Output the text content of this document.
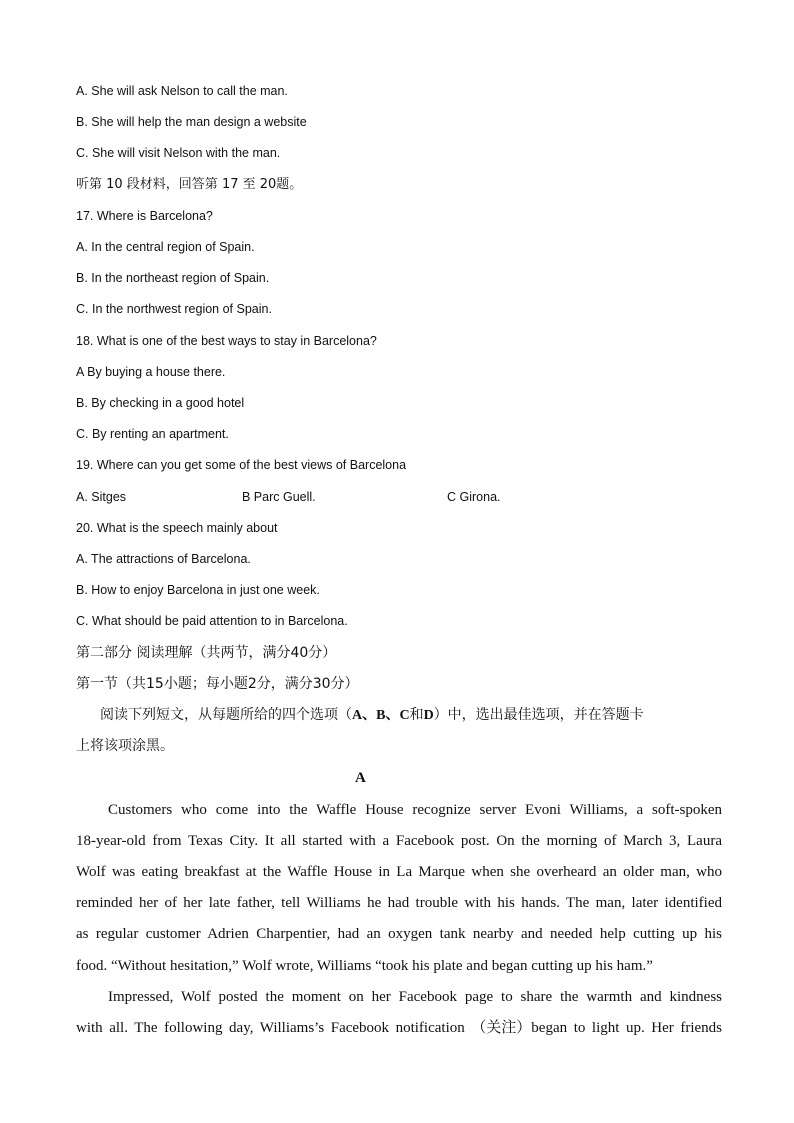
A. She will ask Nelson to call the man.
B. She will help the man design a website
C. She will visit Nelson with the man.
听第 10 段材料，回答第 17 至 20题。
17. Where is Barcelona?
A. In the central region of Spain.
B. In the northeast region of Spain.
C. In the northwest region of Spain.
18. What is one of the best ways to stay in Barcelona?
A By buying a house there.
B. By checking in a good hotel
C. By renting an apartment.
19. Where can you get some of the best views of Barcelona
A. Sitges	B Parc Guell.	C Girona.
20. What is the speech mainly about
A. The attractions of Barcelona.
B. How to enjoy Barcelona in just one week.
C. What should be paid attention to in Barcelona.
第二部分 阅读理解（共两节，满分40分）
第一节（共15小题；每小题2分，满分30分）
阅读下列短文，从每题所给的四个选项（A、B、C和D）中，选出最佳选项，并在答题卡
上将该项涂黑。
A
Customers who come into the Waffle House recognize server Evoni Williams, a soft-spoken
18-year-old from Texas City. It all started with a Facebook post. On the morning of March 3, Laura
Wolf was eating breakfast at the Waffle House in La Marque when she overheard an older man, who
reminded her of her late father, tell Williams he had trouble with his hands. The man, later identified
as regular customer Adrien Charpentier, had an oxygen tank nearby and needed help cutting up his
food. “Without hesitation,” Wolf wrote, Williams “took his plate and began cutting up his ham.”
Impressed, Wolf posted the moment on her Facebook page to share the warmth and kindness
with all. The following day, Williams’s Facebook notification （关注）began to light up. Her friends
